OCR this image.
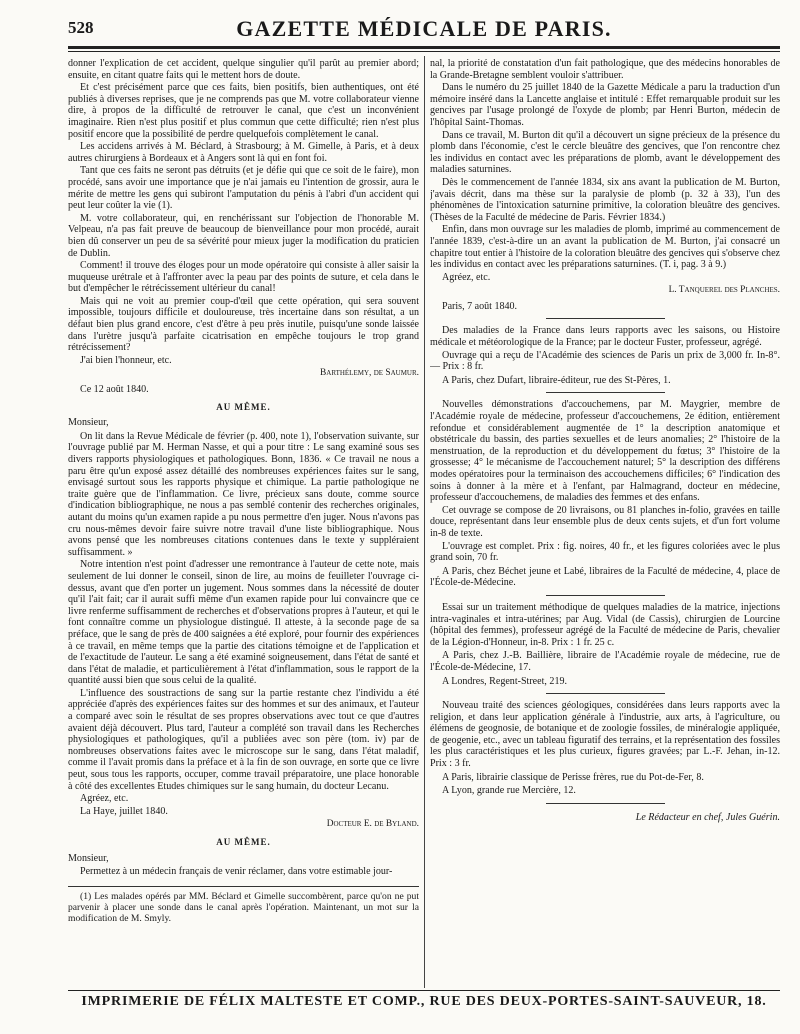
528	GAZETTE MÉDICALE DE PARIS.

donner l'explication de cet accident, quelque singulier qu'il parût au premier abord; ensuite, en citant quatre faits qui le mettent hors de doute.

Et c'est précisément parce que ces faits, bien positifs, bien authentiques, ont été publiés à diverses reprises, que je ne comprends pas que M. votre collaborateur vienne dire, à propos de la difficulté de retrouver le canal, que c'est un inconvénient imaginaire. Rien n'est plus positif et plus commun que cette difficulté; rien n'est plus positif encore que la possibilité de perdre quelquefois complètement le canal.

Les accidens arrivés à M. Béclard, à Strasbourg; à M. Gimelle, à Paris, et à deux autres chirurgiens à Bordeaux et à Angers sont là qui en font foi.

Tant que ces faits ne seront pas détruits (et je défie qui que ce soit de le faire), mon procédé, sans avoir une importance que je n'ai jamais eu l'intention de grossir, aura le mérite de mettre les gens qui subiront l'amputation du pénis à l'abri d'un accident qui peut leur coûter la vie (1).

M. votre collaborateur, qui, en renchérissant sur l'objection de l'honorable M. Velpeau, n'a pas fait preuve de beaucoup de bienveillance pour mon procédé, aurait bien dû conserver un peu de sa sévérité pour mieux juger la modification du praticien de Dublin.

Comment! il trouve des éloges pour un mode opératoire qui consiste à aller saisir la muqueuse urétrale et à l'affronter avec la peau par des points de suture, et cela dans le but d'empêcher le rétrécissement ultérieur du canal!

Mais qui ne voit au premier coup-d'œil que cette opération, qui sera souvent impossible, toujours difficile et douloureuse, très incertaine dans son résultat, a un défaut bien plus grand encore, c'est d'être à peu près inutile, puisqu'une sonde laissée dans l'urètre jusqu'à parfaite cicatrisation en empêche toujours le trop grand rétrécissement?

J'ai bien l'honneur, etc.

Barthélemy, de Saumur.
Ce 12 août 1840.
AU MÊME.
Monsieur,

On lit dans la Revue Médicale de février (p. 400, note 1), l'observation suivante, sur l'ouvrage publié par M. Herman Nasse, et qui a pour titre : Le sang examiné sous ses divers rapports physiologiques et pathologiques. Bonn, 1836. « Ce travail ne nous a paru être qu'un exposé assez détaillé des nombreuses expériences faites sur le sang, envisagé surtout sous les rapports physique et chimique. La partie pathologique ne traite guère que de l'inflammation. Ce livre, précieux sans doute, comme source d'indication bibliographique, ne nous a pas semblé contenir des recherches originales, autant du moins qu'un examen rapide a pu nous permettre d'en juger. Nous n'avons pas cru nous-mêmes devoir faire suivre notre travail d'une liste bibliographique. Nous avons pensé que les nombreuses citations contenues dans le texte y suppléraient suffisamment. »

Notre intention n'est point d'adresser une remontrance à l'auteur de cette note, mais seulement de lui donner le conseil, sinon de lire, au moins de feuilleter l'ouvrage ci-dessus, avant que d'en porter un jugement. Nous sommes dans la nécessité de douter qu'il l'ait fait; car il aurait suffi même d'un examen rapide pour lui convaincre que ce livre renferme suffisamment de recherches et d'observations propres à l'auteur, et qui le font connaître comme un physiologue distingué. Il atteste, à la seconde page de sa préface, que le sang de près de 400 saignées a été exploré, pour fournir des expériences à ce travail, en même temps que la partie des citations témoigne et de l'application et de l'exactitude de l'auteur. Le sang a été examiné soigneusement, dans l'état de santé et dans l'état de maladie, et particulièrement à l'état d'inflammation, sous le rapport de la quantité aussi bien que sous celui de la qualité.

L'influence des soustractions de sang sur la partie restante chez l'individu a été appréciée d'après des expériences faites sur des hommes et sur des animaux, et l'auteur a comparé avec soin le résultat de ses propres observations avec tout ce que d'autres avaient déjà découvert. Plus tard, l'auteur a complété son travail dans les Recherches physiologiques et pathologiques, qu'il a publiées avec son père (tom. iv) par de nombreuses observations faites avec le microscope sur le sang, dans l'état maladif, comme il l'avait promis dans la préface et à la fin de son ouvrage, en sorte que ce livre peut, sous tous les rapports, occuper, comme travail préparatoire, une place honorable à côté des excellentes Etudes chimiques sur le sang humain, du docteur Lecanu.

Agréez, etc.

La Haye, juillet 1840.

Docteur E. de Byland.
AU MÊME.
Monsieur,

Permettez à un médecin français de venir réclamer, dans votre estimable jour-

(1) Les malades opérés par MM. Béclard et Gimelle succombèrent, parce qu'on ne put parvenir à placer une sonde dans le canal après l'opération. Maintenant, un mot sur la modification de M. Smyly.

nal, la priorité de constatation d'un fait pathologique, que des médecins honorables de la Grande-Bretagne semblent vouloir s'attribuer.

Dans le numéro du 25 juillet 1840 de la Gazette Médicale a paru la traduction d'un mémoire inséré dans la Lancette anglaise et intitulé : Effet remarquable produit sur les gencives par l'usage prolongé de l'oxyde de plomb; par Henri Burton, médecin de l'hôpital Saint-Thomas.

Dans ce travail, M. Burton dit qu'il a découvert un signe précieux de la présence du plomb dans l'économie, c'est le cercle bleuâtre des gencives, que l'on rencontre chez les individus en contact avec les préparations de plomb, avant le développement des maladies saturnines.

Dès le commencement de l'année 1834, six ans avant la publication de M. Burton, j'avais décrit, dans ma thèse sur la paralysie de plomb (p. 32 à 33), l'un des phénomènes de l'intoxication saturnine primitive, la coloration bleuâtre des gencives. (Thèses de la Faculté de médecine de Paris. Février 1834.)

Enfin, dans mon ouvrage sur les maladies de plomb, imprimé au commencement de l'année 1839, c'est-à-dire un an avant la publication de M. Burton, j'ai consacré un chapitre tout entier à l'histoire de la coloration bleuâtre des gencives qui s'observe chez les individus en contact avec les préparations saturnines. (T. i, pag. 3 à 9.)

Agréez, etc.

L. Tanquerel des Planches.

Paris, 7 août 1840.

Des maladies de la France dans leurs rapports avec les saisons, ou Histoire médicale et météorologique de la France; par le docteur Fuster, professeur, agrégé.

Ouvrage qui a reçu de l'Académie des sciences de Paris un prix de 3,000 fr. In-8°. — Prix : 8 fr.

A Paris, chez Dufart, libraire-éditeur, rue des St-Pères, 1.

Nouvelles démonstrations d'accouchemens, par M. Maygrier, membre de l'Académie royale de médecine, professeur d'accouchemens, 2e édition, entièrement refondue et considérablement augmentée de 1° la description anatomique et obstétricale du bassin, des parties sexuelles et de leurs anomalies; 2° l'histoire de la menstruation, de la reproduction et du développement du fœtus; 3° l'histoire de la grossesse; 4° le mécanisme de l'accouchement naturel; 5° la description des différens modes opératoires pour la terminaison des accouchemens difficiles; 6° l'indication des soins à donner à la mère et à l'enfant, par Halmagrand, docteur en médecine, professeur d'accouchemens, de maladies des femmes et des enfans.

Cet ouvrage se compose de 20 livraisons, ou 81 planches in-folio, gravées en taille douce, représentant dans leur ensemble plus de deux cents sujets, et d'un fort volume in-8 de texte.

L'ouvrage est complet. Prix : fig. noires, 40 fr., et les figures coloriées avec le plus grand soin, 70 fr.

A Paris, chez Béchet jeune et Labé, libraires de la Faculté de médecine, 4, place de l'École-de-Médecine.

Essai sur un traitement méthodique de quelques maladies de la matrice, injections intra-vaginales et intra-utérines; par Aug. Vidal (de Cassis), chirurgien de Lourcine (hôpital des femmes), professeur agrégé de la Faculté de médecine de Paris, chevalier de la Légion-d'Honneur, in-8. Prix : 1 fr. 25 c.

A Paris, chez J.-B. Baillière, libraire de l'Académie royale de médecine, rue de l'École-de-Médecine, 17.

A Londres, Regent-Street, 219.

Nouveau traité des sciences géologiques, considérées dans leurs rapports avec la religion, et dans leur application générale à l'industrie, aux arts, à l'agriculture, ou élémens de geognosie, de botanique et de zoologie fossiles, de minéralogie appliquée, de geogenie, etc., avec un tableau figuratif des terrains, et la représentation des fossiles les plus caractéristiques et les plus curieux, figures gravées; par L.-F. Jehan, in-12. Prix : 3 fr.

A Paris, librairie classique de Perisse frères, rue du Pot-de-Fer, 8.

A Lyon, grande rue Mercière, 12.

Le Rédacteur en chef, Jules Guérin.
IMPRIMERIE DE FÉLIX MALTESTE ET COMP., RUE DES DEUX-PORTES-SAINT-SAUVEUR, 18.
